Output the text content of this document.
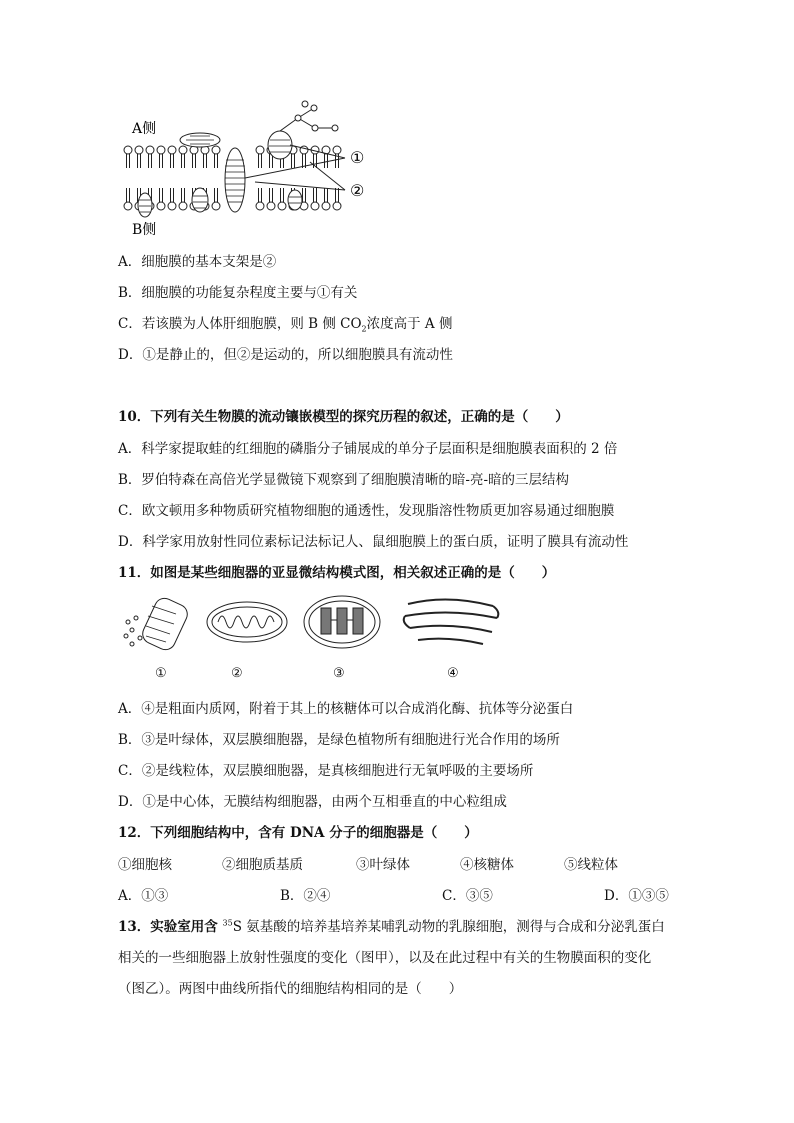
A侧
B侧
①
②
A．细胞膜的基本支架是②
B．细胞膜的功能复杂程度主要与①有关
C．若该膜为人体肝细胞膜，则 B 侧 $CO_2$浓度高于 A 侧
D．①是静止的，但②是运动的，所以细胞膜具有流动性
10．下列有关生物膜的流动镶嵌模型的探究历程的叙述，正确的是（　　）
A．科学家提取蛙的红细胞的磷脂分子铺展成的单分子层面积是细胞膜表面积的 2 倍
B．罗伯特森在高倍光学显微镜下观察到了细胞膜清晰的暗-亮-暗的三层结构
C．欧文顿用多种物质研究植物细胞的通透性，发现脂溶性物质更加容易通过细胞膜
D．科学家用放射性同位素标记法标记人、鼠细胞膜上的蛋白质，证明了膜具有流动性
11．如图是某些细胞器的亚显微结构模式图，相关叙述正确的是（　　）
①	②	③	④
A．④是粗面内质网，附着于其上的核糖体可以合成消化酶、抗体等分泌蛋白
B．③是叶绿体，双层膜细胞器，是绿色植物所有细胞进行光合作用的场所
C．②是线粒体，双层膜细胞器，是真核细胞进行无氧呼吸的主要场所
D．①是中心体，无膜结构细胞器，由两个互相垂直的中心粒组成
12．下列细胞结构中，含有 DNA 分子的细胞器是（　　）
①细胞核	②细胞质基质	③叶绿体	④核糖体	⑤线粒体
A．①③	B．②④	C．③⑤	D．①③⑤
13．实验室用含 $^{35}$S 氨基酸的培养基培养某哺乳动物的乳腺细胞，测得与合成和分泌乳蛋白
相关的一些细胞器上放射性强度的变化（图甲），以及在此过程中有关的生物膜面积的变化
（图乙）。两图中曲线所指代的细胞结构相同的是（　　）
